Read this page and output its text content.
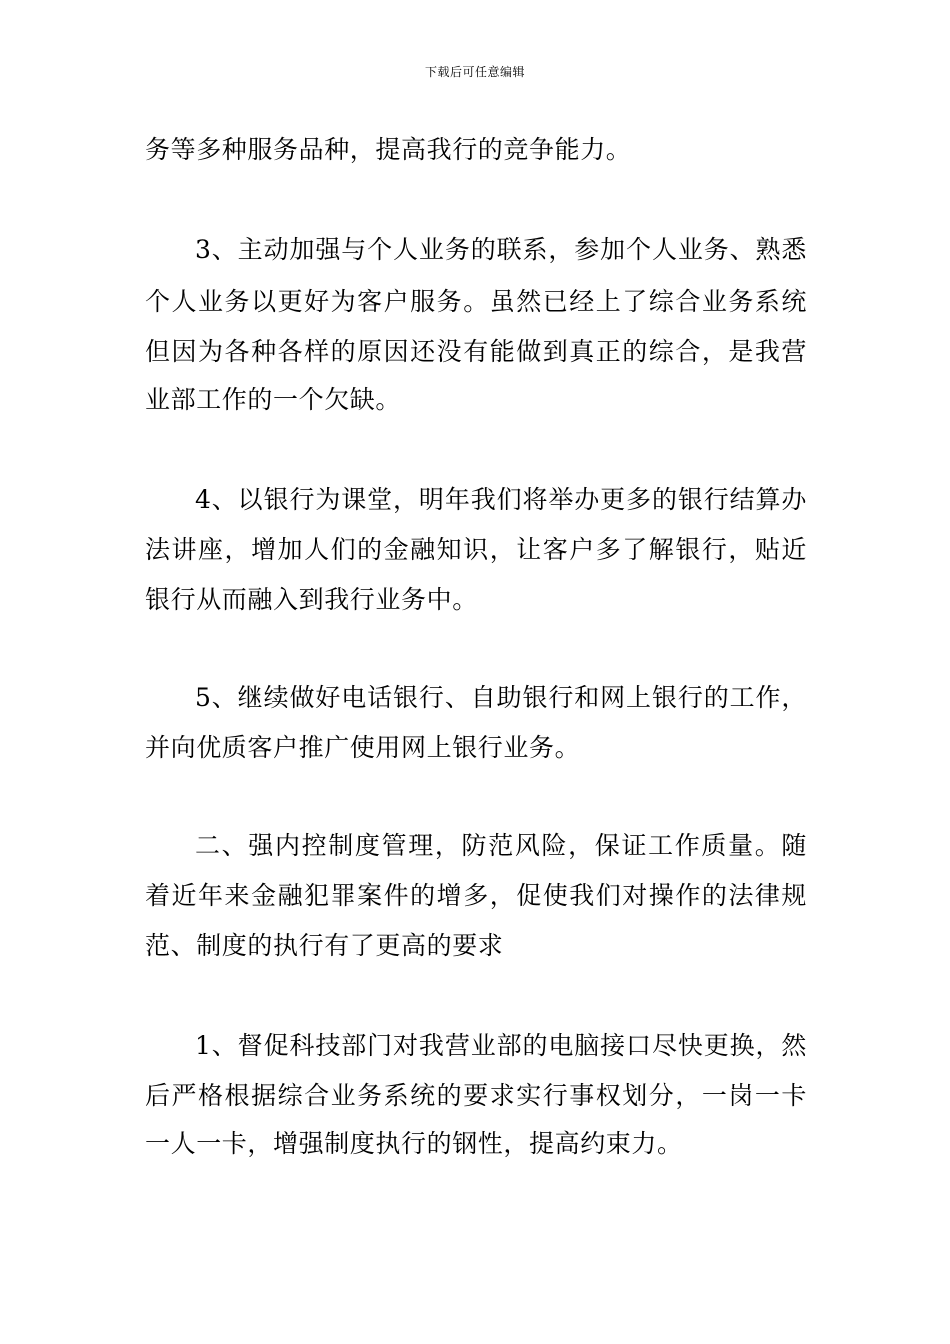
下载后可任意编辑
务等多种服务品种，提高我行的竞争能力。
3、主动加强与个人业务的联系，参加个人业务、熟悉
个人业务以更好为客户服务。虽然已经上了综合业务系统
但因为各种各样的原因还没有能做到真正的综合，是我营
业部工作的一个欠缺。
4、以银行为课堂，明年我们将举办更多的银行结算办
法讲座，增加人们的金融知识，让客户多了解银行，贴近
银行从而融入到我行业务中。
5、继续做好电话银行、自助银行和网上银行的工作，
并向优质客户推广使用网上银行业务。
二、强内控制度管理，防范风险，保证工作质量。随
着近年来金融犯罪案件的增多，促使我们对操作的法律规
范、制度的执行有了更高的要求
1、督促科技部门对我营业部的电脑接口尽快更换，然
后严格根据综合业务系统的要求实行事权划分，一岗一卡
一人一卡，增强制度执行的钢性，提高约束力。
